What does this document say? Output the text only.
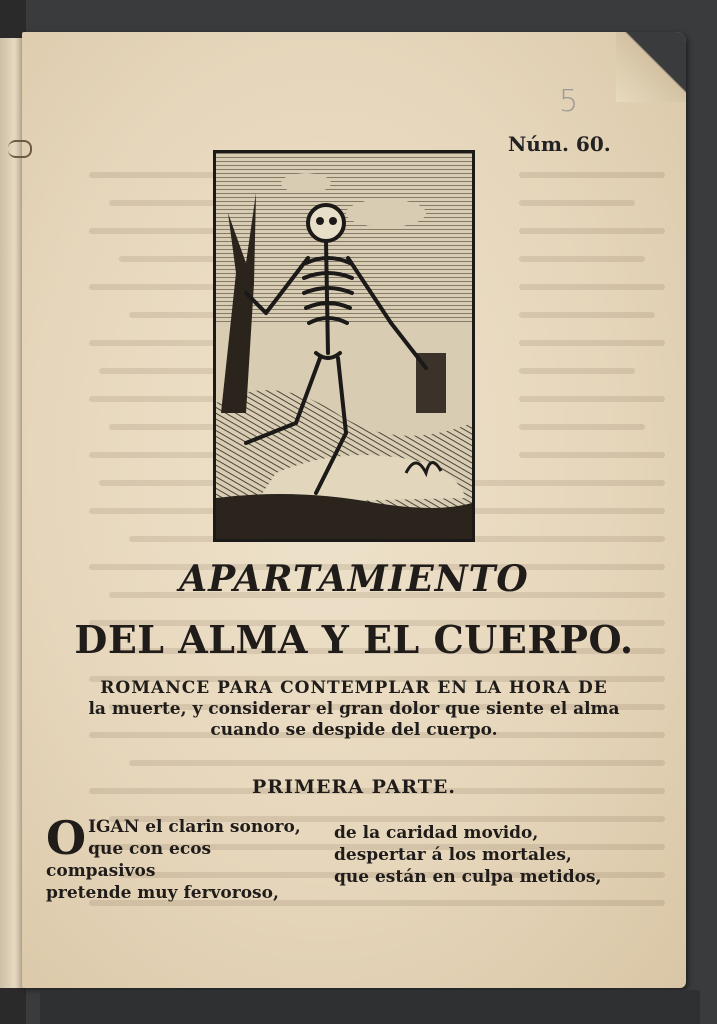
5
Núm. 60.
APARTAMIENTO
DEL ALMA Y EL CUERPO.
ROMANCE PARA CONTEMPLAR EN LA HORA DE
la muerte, y considerar el gran dolor que siente el alma
cuando se despide del cuerpo.
PRIMERA PARTE.
O IGAN el clarin sonoro,
que con ecos compasivos
pretende muy fervoroso,
de la caridad movido,
despertar á los mortales,
que están en culpa metidos,
